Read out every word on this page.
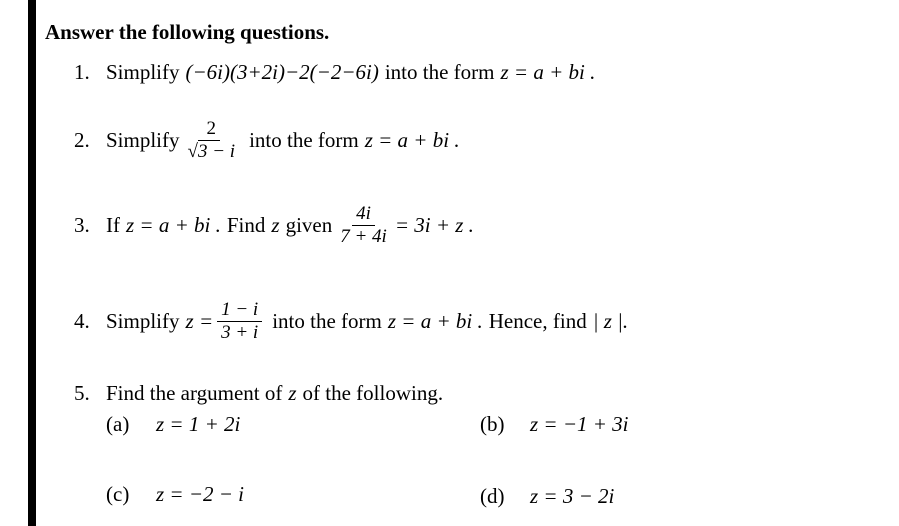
Answer the following questions.
1. Simplify (−6i)(3+2i)−2(−2−6i) into the form z = a + bi .
2. Simplify $\frac{2}{√3 - i}$ into the form z = a + bi .
3. If z = a + bi . Find z given $\frac{4i}{7 + 4i} = 3i + z$ .
4. Simplify $z = \frac{1 - i}{3 + i}$ into the form z = a + bi . Hence, find | z |.
5. Find the argument of z of the following.
(a) z = 1 + 2i	(b) z = −1 + 3i
(c) z = −2 − i	(d) z = 3 − 2i
